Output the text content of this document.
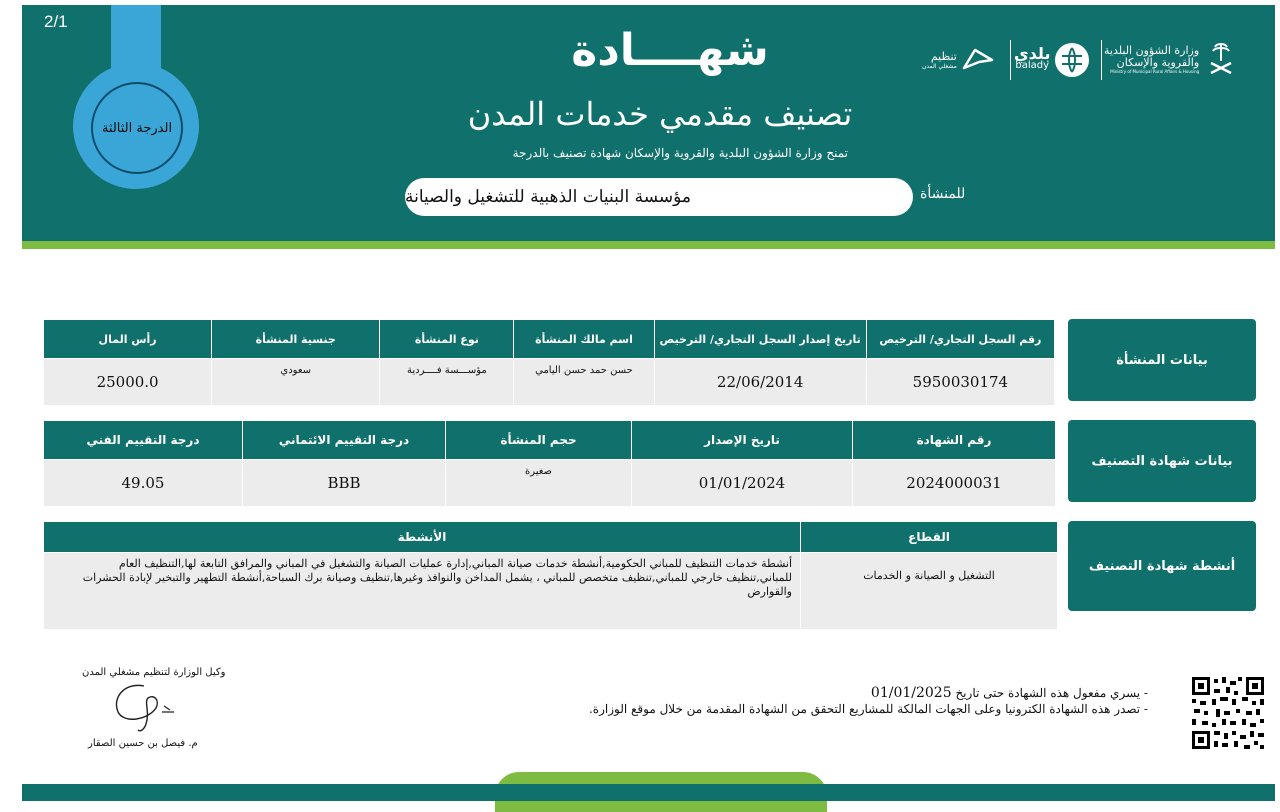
2/1
الدرجة الثالثة
شهــــادة
تصنيف مقدمي خدمات المدن
تمنح وزارة الشؤون البلدية والقروية والإسكان شهادة تصنيف بالدرجة
للمنشأة
مؤسسة البنيات الذهبية للتشغيل والصيانة
تنظيم
مشغلي المدن
بلدي
balady
وزارة الشؤون البلدية
والقروية والإسكان
Ministry of Municipal Rural Affairs & Housing
بيانات المنشأة
رأس المال	جنسية المنشأة	نوع المنشأة	اسم مالك المنشأة	تاريخ إصدار السجل التجاري/ الترخيص	رقم السجل التجاري/ الترخيص
25000.0	سعودي	مؤســـسة فــــردية	حسن حمد حسن اليامي	22/06/2014	5950030174
بيانات شهادة التصنيف
درجة التقييم الفني	درجة التقييم الائتماني	حجم المنشأة	تاريخ الإصدار	رقم الشهادة
49.05	BBB	صغيرة	01/01/2024	2024000031
أنشطة شهادة التصنيف
الأنشطة	القطاع
أنشطة خدمات التنظيف للمباني الحكومية,أنشطة خدمات صيانة المباني,إدارة عمليات الصيانة والتشغيل في المباني والمرافق التابعة لها,التنظيف العام للمباني,تنظيف خارجي للمباني,تنظيف متخصص للمباني ، يشمل المداخن والنوافذ وغيرها,تنظيف وصيانة برك السباحة,أنشطة التطهير والتبخير لإبادة الحشرات والقوارض	التشغيل و الصيانة و الخدمات
وكيل الوزارة لتنظيم مشغلي المدن
م. فيصل بن حسين الصقار
- يسري مفعول هذه الشهادة حتى تاريخ 01/01/2025
- تصدر هذه الشهادة الكترونيا وعلى الجهات المالكة للمشاريع التحقق من الشهادة المقدمة من خلال موقع الوزارة.
